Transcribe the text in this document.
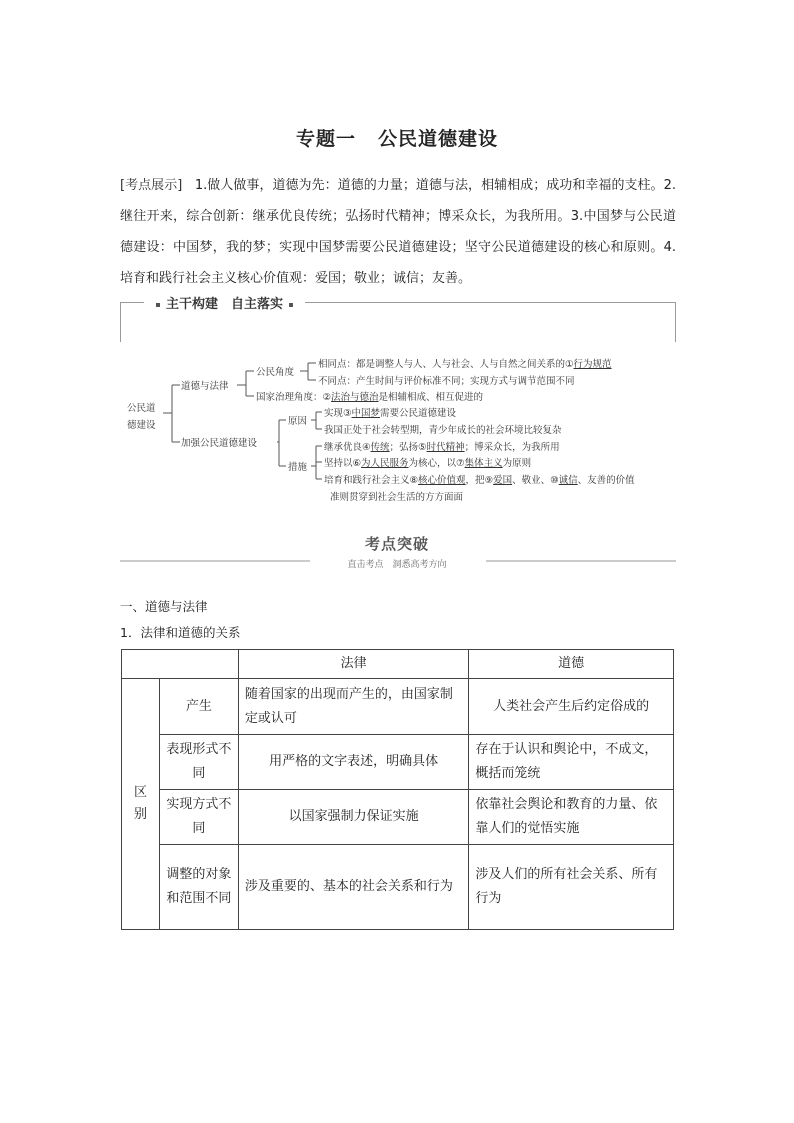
专题一 公民道德建设
[考点展示] 1.做人做事，道德为先：道德的力量；道德与法，相辅相成；成功和幸福的支柱。2.继往开来，综合创新：继承优良传统；弘扬时代精神；博采众长，为我所用。3.中国梦与公民道德建设：中国梦，我的梦；实现中国梦需要公民道德建设；坚守公民道德建设的核心和原则。4.培育和践行社会主义核心价值观：爱国；敬业；诚信；友善。
主干构建　自主落实
公民道
德建设
道德与法律
加强公民道德建设
公民角度
国家治理角度：②法治与德治是相辅相成、相互促进的
相同点：都是调整人与人、人与社会、人与自然之间关系的①行为规范
不同点：产生时间与评价标准不同；实现方式与调节范围不同
原因
措施
实现③中国梦需要公民道德建设
我国正处于社会转型期，青少年成长的社会环境比较复杂
继承优良④传统；弘扬⑤时代精神；博采众长，为我所用
坚持以⑥为人民服务为核心，以⑦集体主义为原则
培育和践行社会主义⑧核心价值观，把⑨爱国、敬业、⑩诚信、友善的价值
准则贯穿到社会生活的方方面面
考点突破
直击考点　洞悉高考方向
一、道德与法律
1．法律和道德的关系
		法律	道德
区
别	产生	随着国家的出现而产生的，由国家制定或认可	人类社会产生后约定俗成的
	表现形式不同	用严格的文字表述，明确具体	存在于认识和舆论中，不成文，概括而笼统
	实现方式不同	以国家强制力保证实施	依靠社会舆论和教育的力量、依靠人们的觉悟实施
	调整的对象和范围不同	涉及重要的、基本的社会关系和行为	涉及人们的所有社会关系、所有行为
